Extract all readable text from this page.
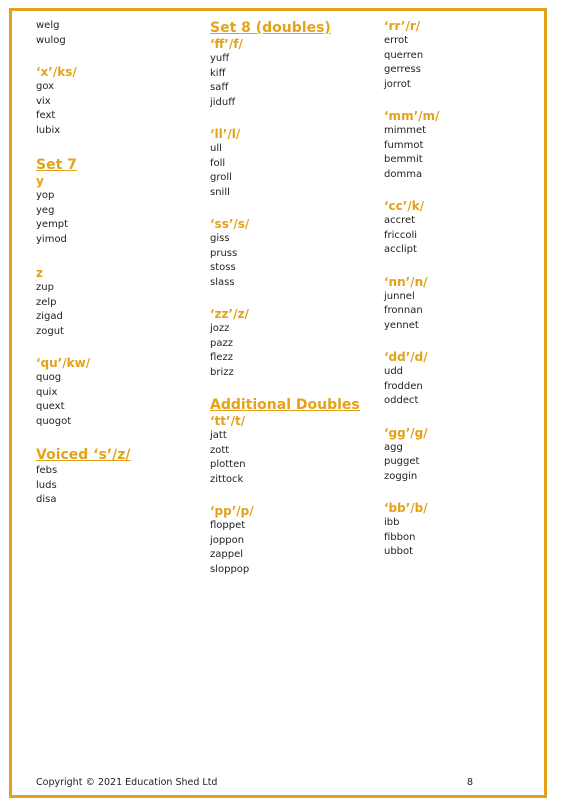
welg
wulog
‘x’/ks/
gox
vix
fext
lubix
Set 7
y
yop
yeg
yempt
yimod
z
zup
zelp
zigad
zogut
‘qu’/kw/
quog
quix
quext
quogot
Voiced ‘s’/z/
febs
luds
disa
Set 8 (doubles)
‘ff’/f/
yuff
kiff
saff
jiduff
‘ll’/l/
ull
foll
groll
snill
‘ss’/s/
giss
pruss
stoss
slass
‘zz’/z/
jozz
pazz
flezz
brizz
Additional Doubles
‘tt’/t/
jatt
zott
plotten
zittock
‘pp’/p/
floppet
joppon
zappel
sloppop
‘rr’/r/
errot
querren
gerress
jorrot
‘mm’/m/
mimmet
fummot
bemmit
domma
‘cc’/k/
accret
friccoli
acclipt
‘nn’/n/
junnel
fronnan
yennet
‘dd’/d/
udd
frodden
oddect
‘gg’/g/
agg
pugget
zoggin
‘bb’/b/
ibb
fibbon
ubbot
Copyright © 2021 Education Shed Ltd	8
